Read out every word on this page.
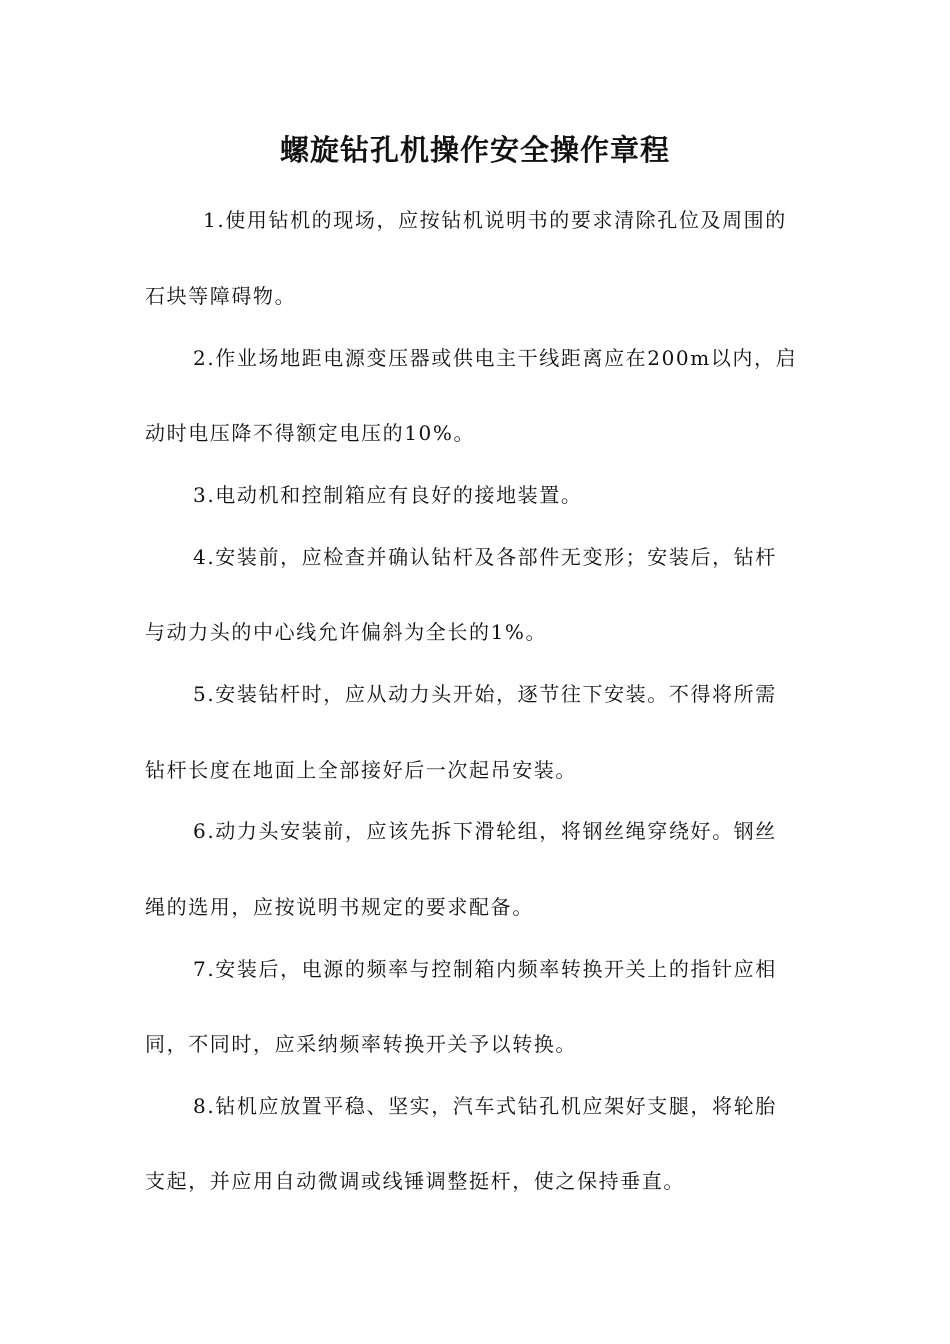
螺旋钻孔机操作安全操作章程
1.使用钻机的现场，应按钻机说明书的要求清除孔位及周围的
石块等障碍物。
2.作业场地距电源变压器或供电主干线距离应在200m以内，启
动时电压降不得额定电压的10%。
3.电动机和控制箱应有良好的接地装置。
4.安装前，应检查并确认钻杆及各部件无变形；安装后，钻杆
与动力头的中心线允许偏斜为全长的1%。
5.安装钻杆时，应从动力头开始，逐节往下安装。不得将所需
钻杆长度在地面上全部接好后一次起吊安装。
6.动力头安装前，应该先拆下滑轮组，将钢丝绳穿绕好。钢丝
绳的选用，应按说明书规定的要求配备。
7.安装后，电源的频率与控制箱内频率转换开关上的指针应相
同，不同时，应采纳频率转换开关予以转换。
8.钻机应放置平稳、坚实，汽车式钻孔机应架好支腿，将轮胎
支起，并应用自动微调或线锤调整挺杆，使之保持垂直。
